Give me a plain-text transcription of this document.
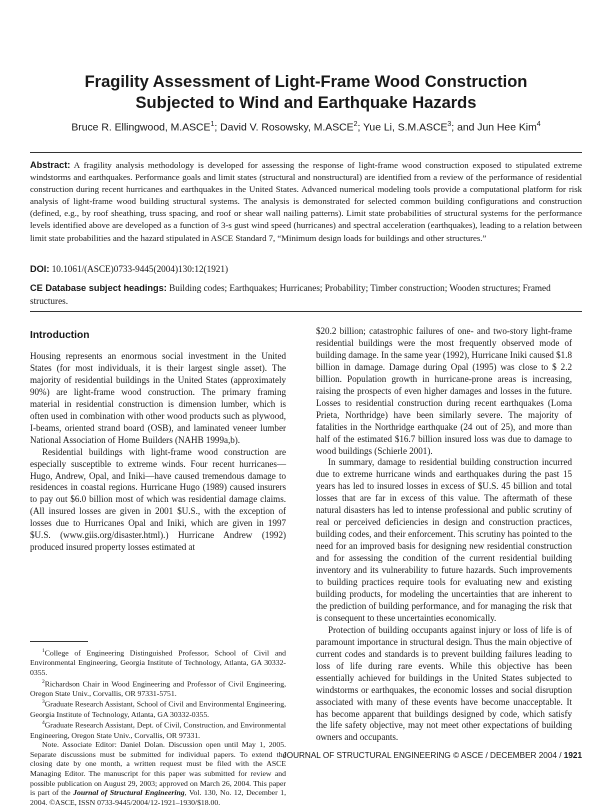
Fragility Assessment of Light-Frame Wood Construction
Subjected to Wind and Earthquake Hazards
Bruce R. Ellingwood, M.ASCE$^1$; David V. Rosowsky, M.ASCE$^2$; Yue Li, S.M.ASCE$^3$; and Jun Hee Kim$^4$
Abstract: A fragility analysis methodology is developed for assessing the response of light-frame wood construction exposed to stipulated extreme windstorms and earthquakes. Performance goals and limit states (structural and nonstructural) are identified from a review of the performance of residential construction during recent hurricanes and earthquakes in the United States. Advanced numerical modeling tools provide a computational platform for risk analysis of light-frame wood building structural systems. The analysis is demonstrated for selected common building configurations and construction (defined, e.g., by roof sheathing, truss spacing, and roof or shear wall nailing patterns). Limit state probabilities of structural systems for the performance levels identified above are developed as a function of 3-s gust wind speed (hurricanes) and spectral acceleration (earthquakes), leading to a relation between limit state probabilities and the hazard stipulated in ASCE Standard 7, “Minimum design loads for buildings and other structures.”
DOI: 10.1061/(ASCE)0733-9445(2004)130:12(1921)
CE Database subject headings: Building codes; Earthquakes; Hurricanes; Probability; Timber construction; Wooden structures; Framed structures.
Introduction

Housing represents an enormous social investment in the United States (for most individuals, it is their largest single asset). The majority of residential buildings in the United States (approximately 90%) are light-frame wood construction. The primary framing material in residential construction is dimension lumber, which is often used in combination with other wood products such as plywood, I-beams, oriented strand board (OSB), and laminated veneer lumber National Association of Home Builders (NAHB 1999a,b).

Residential buildings with light-frame wood construction are especially susceptible to extreme winds. Four recent hurricanes—Hugo, Andrew, Opal, and Iniki—have caused tremendous damage to residences in coastal regions. Hurricane Hugo (1989) caused insurers to pay out $6.0 billion most of which was residential damage claims. (All insured losses are given in 2001 $U.S., with the exception of losses due to Hurricanes Opal and Iniki, which are given in 1997 $U.S. (www.giis.org/disaster.html).) Hurricane Andrew (1992) produced insured property losses estimated at

$^1$College of Engineering Distinguished Professor, School of Civil and Environmental Engineering, Georgia Institute of Technology, Atlanta, GA 30332-0355.

$^2$Richardson Chair in Wood Engineering and Professor of Civil Engineering, Oregon State Univ., Corvallis, OR 97331-5751.

$^3$Graduate Research Assistant, School of Civil and Environmental Engineering, Georgia Institute of Technology, Atlanta, GA 30332-0355.

$^4$Graduate Research Assistant, Dept. of Civil, Construction, and Environmental Engineering, Oregon State Univ., Corvallis, OR 97331.

Note. Associate Editor: Daniel Dolan. Discussion open until May 1, 2005. Separate discussions must be submitted for individual papers. To extend the closing date by one month, a written request must be filed with the ASCE Managing Editor. The manuscript for this paper was submitted for review and possible publication on August 29, 2003; approved on March 26, 2004. This paper is part of the Journal of Structural Engineering, Vol. 130, No. 12, December 1, 2004. ©ASCE, ISSN 0733-9445/2004/12-1921–1930/$18.00.

$20.2 billion; catastrophic failures of one- and two-story light-frame residential buildings were the most frequently observed mode of building damage. In the same year (1992), Hurricane Iniki caused $1.8 billion in damage. Damage during Opal (1995) was close to $ 2.2 billion. Population growth in hurricane-prone areas is increasing, raising the prospects of even higher damages and losses in the future. Losses to residential construction during recent earthquakes (Loma Prieta, Northridge) have been similarly severe. The majority of fatalities in the Northridge earthquake (24 out of 25), and more than half of the estimated $16.7 billion insured loss was due to damage to wood buildings (Schierle 2001).

In summary, damage to residential building construction incurred due to extreme hurricane winds and earthquakes during the past 15 years has led to insured losses in excess of $U.S. 45 billion and total losses that are far in excess of this value. The aftermath of these natural disasters has led to intense professional and public scrutiny of real or perceived deficiencies in design and construction practices, building codes, and their enforcement. This scrutiny has pointed to the need for an improved basis for designing new residential construction and for assessing the condition of the current residential building inventory and its vulnerability to future hazards. Such improvements to building practices require tools for evaluating new and existing building products, for modeling the uncertainties that are inherent to the prediction of building performance, and for managing the risk that is consequent to these uncertainties economically.

Protection of building occupants against injury or loss of life is of paramount importance in structural design. Thus the main objective of current codes and standards is to prevent building failures leading to loss of life during rare events. While this objective has been essentially achieved for buildings in the United States subjected to windstorms or earthquakes, the economic losses and social disruption associated with many of these events have become unacceptable. It has become apparent that buildings designed by code, which satisfy the life safety objective, may not meet other expectations of building owners and occupants.

JOURNAL OF STRUCTURAL ENGINEERING © ASCE / DECEMBER 2004 / 1921
